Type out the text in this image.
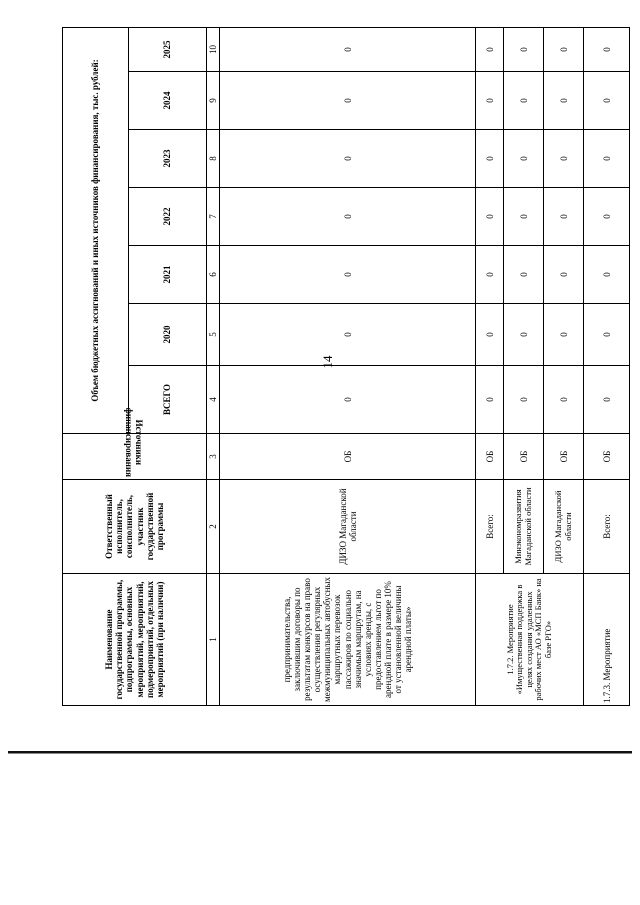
14
Наименование государственной программы, подпрограммы, основных мероприятий, мероприятий, подмероприятий, отдельных мероприятий (при наличии)	Ответственный исполнитель, соисполнитель, участник государственной программы	Источники финансирования	Объем бюджетных ассигнований и иных источников финансирования, тыс. рублей:						
			ВСЕГО	2020	2021	2022	2023	2024	2025
1	2	3	4	5	6	7	8	9	10
предпринимательства, заключившим договоры по результатам конкурсов на право осуществления регулярных межмуниципальных автобусных маршрутных перевозок пассажиров по социально значимым маршрутам, на условиях аренды, с предоставлением льгот по арендной плате в размере 10% от установленной величины арендной платы»	ДИЗО Магаданской области	ОБ	0	0	0	0	0	0	0
1.7.2. Мероприятие «Имущественная поддержка в целях создания удаленных рабочих мест АО «МСП Банк» на базе РГО»	Всего:	ОБ	0	0	0	0	0	0	0
	Минэкономразвития Магаданской области	ОБ	0	0	0	0	0	0	0
	ДИЗО Магаданской области	ОБ	0	0	0	0	0	0	0
1.7.3. Мероприятие	Всего:	ОБ	0	0	0	0	0	0	0
